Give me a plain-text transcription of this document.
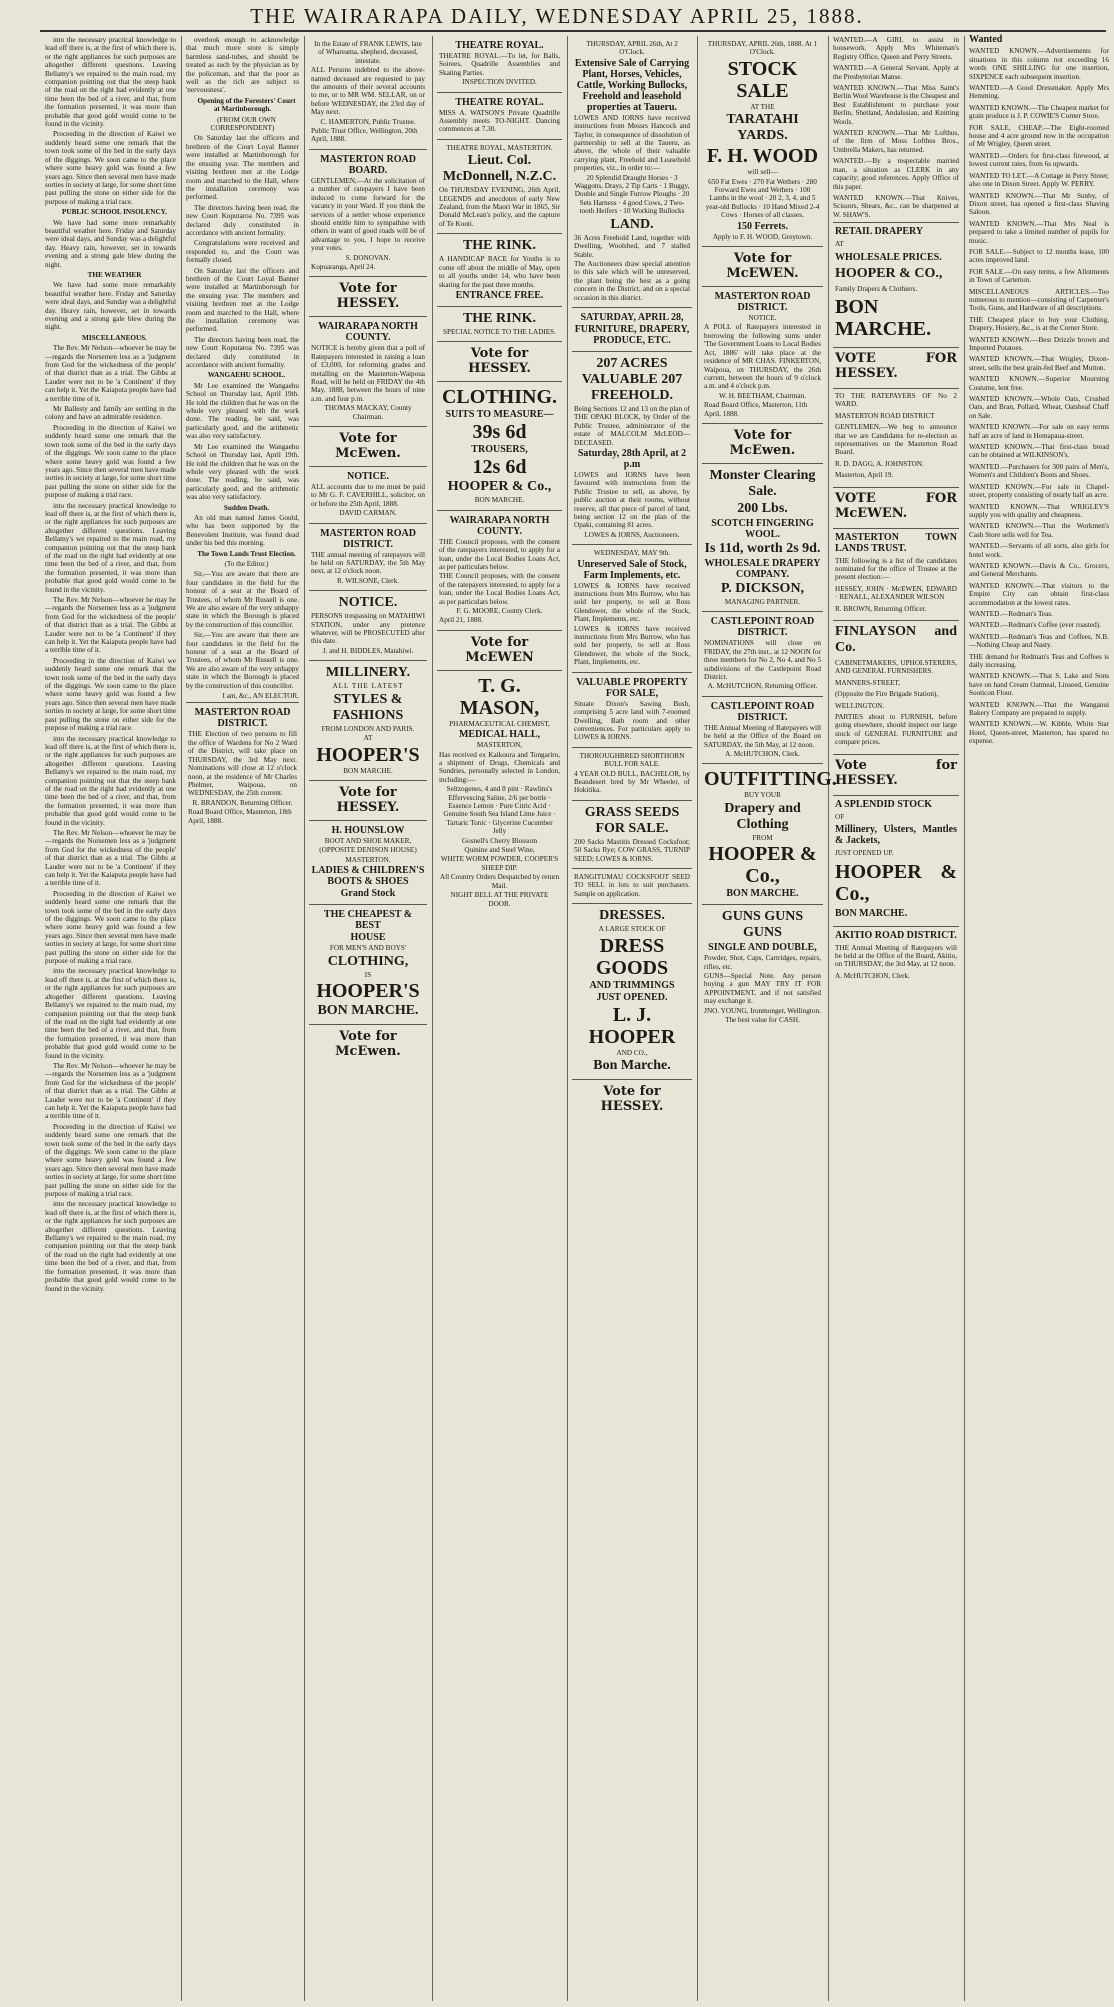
THE WAIRARAPA DAILY, WEDNESDAY APRIL 25, 1888.

into the necessary practical knowledge to lead off there is, at the first of which there is, or the right appliances for such purposes are altogether different questions. Leaving Bellamy's we repaired to the main road, my companion pointing out that the steep bank of the road on the right had evidently at one time been the bed of a river, and that, from the formation presented, it was more than probable that good gold would come to be found in the vicinity.

Proceeding in the direction of Kaiwi we suddenly heard some one remark that the town took some of the bed in the early days of the diggings. We soon came to the place where some heavy gold was found a few years ago. Since then several men have made sorties in society at large, for some short time past pulling the stone on either side for the purpose of making a trial race.

PUBLIC SCHOOL INSOLENCY.

We have had some more remarkably beautiful weather here. Friday and Saturday were ideal days, and Sunday was a delightful day. Heavy rain, however, set in towards evening and a strong gale blew during the night.

THE WEATHER

We have had some more remarkably beautiful weather here. Friday and Saturday were ideal days, and Sunday was a delightful day. Heavy rain, however, set in towards evening and a strong gale blew during the night.

MISCELLANEOUS.

The Rev. Mr Nelson—whoever he may be—regards the Norsemen less as a 'judgment from God for the wickedness of the people' of that district than as a trial. The Gibbs at Lauder were not to be 'a Continent' if they can help it. Yet the Kaiaputa people have had a terrible time of it.

Mr Ballesty and family are settling in the colony and have an admirable residence.

Proceeding in the direction of Kaiwi we suddenly heard some one remark that the town took some of the bed in the early days of the diggings. We soon came to the place where some heavy gold was found a few years ago. Since then several men have made sorties in society at large, for some short time past pulling the stone on either side for the purpose of making a trial race.

into the necessary practical knowledge to lead off there is, at the first of which there is, or the right appliances for such purposes are altogether different questions. Leaving Bellamy's we repaired to the main road, my companion pointing out that the steep bank of the road on the right had evidently at one time been the bed of a river, and that, from the formation presented, it was more than probable that good gold would come to be found in the vicinity.

The Rev. Mr Nelson—whoever he may be—regards the Norsemen less as a 'judgment from God for the wickedness of the people' of that district than as a trial. The Gibbs at Lauder were not to be 'a Continent' if they can help it. Yet the Kaiaputa people have had a terrible time of it.

Proceeding in the direction of Kaiwi we suddenly heard some one remark that the town took some of the bed in the early days of the diggings. We soon came to the place where some heavy gold was found a few years ago. Since then several men have made sorties in society at large, for some short time past pulling the stone on either side for the purpose of making a trial race.

into the necessary practical knowledge to lead off there is, at the first of which there is, or the right appliances for such purposes are altogether different questions. Leaving Bellamy's we repaired to the main road, my companion pointing out that the steep bank of the road on the right had evidently at one time been the bed of a river, and that, from the formation presented, it was more than probable that good gold would come to be found in the vicinity.

The Rev. Mr Nelson—whoever he may be—regards the Norsemen less as a 'judgment from God for the wickedness of the people' of that district than as a trial. The Gibbs at Lauder were not to be 'a Continent' if they can help it. Yet the Kaiaputa people have had a terrible time of it.

Proceeding in the direction of Kaiwi we suddenly heard some one remark that the town took some of the bed in the early days of the diggings. We soon came to the place where some heavy gold was found a few years ago. Since then several men have made sorties in society at large, for some short time past pulling the stone on either side for the purpose of making a trial race.

into the necessary practical knowledge to lead off there is, at the first of which there is, or the right appliances for such purposes are altogether different questions. Leaving Bellamy's we repaired to the main road, my companion pointing out that the steep bank of the road on the right had evidently at one time been the bed of a river, and that, from the formation presented, it was more than probable that good gold would come to be found in the vicinity.

The Rev. Mr Nelson—whoever he may be—regards the Norsemen less as a 'judgment from God for the wickedness of the people' of that district than as a trial. The Gibbs at Lauder were not to be 'a Continent' if they can help it. Yet the Kaiaputa people have had a terrible time of it.

Proceeding in the direction of Kaiwi we suddenly heard some one remark that the town took some of the bed in the early days of the diggings. We soon came to the place where some heavy gold was found a few years ago. Since then several men have made sorties in society at large, for some short time past pulling the stone on either side for the purpose of making a trial race.

into the necessary practical knowledge to lead off there is, at the first of which there is, or the right appliances for such purposes are altogether different questions. Leaving Bellamy's we repaired to the main road, my companion pointing out that the steep bank of the road on the right had evidently at one time been the bed of a river, and that, from the formation presented, it was more than probable that good gold would come to be found in the vicinity.

overlook enough to acknowledge that much more store is simply harmless sand-tubes, and should be treated as such by the physician as by the policeman, and that the poor as well as the rich are subject to 'nervousness'.

Opening of the Foresters' Court at Martinborough.

(FROM OUR OWN CORRESPONDENT)

On Saturday last the officers and brethren of the Court Loyal Banner were installed at Martinborough for the ensuing year. The members and visiting brethren met at the Lodge room and marched to the Hall, where the installation ceremony was performed.

The directors having been read, the new Court Koputaroa No. 7395 was declared duly constituted in accordance with ancient formality.

Congratulations were received and responded to, and the Court was formally closed.

On Saturday last the officers and brethren of the Court Loyal Banner were installed at Martinborough for the ensuing year. The members and visiting brethren met at the Lodge room and marched to the Hall, where the installation ceremony was performed.

The directors having been read, the new Court Koputaroa No. 7395 was declared duly constituted in accordance with ancient formality.

WANGAEHU SCHOOL.

Mr Lee examined the Wangaehu School on Thursday last, April 19th. He told the children that he was on the whole very pleased with the work done. The reading, he said, was particularly good, and the arithmetic was also very satisfactory.

Mr Lee examined the Wangaehu School on Thursday last, April 19th. He told the children that he was on the whole very pleased with the work done. The reading, he said, was particularly good, and the arithmetic was also very satisfactory.

Sudden Death.

An old man named James Gould, who has been supported by the Benevolent Institute, was found dead under his bed this morning.

The Town Lands Trust Election.

(To the Editor.)

Sir,—You are aware that there are four candidates in the field for the honour of a seat at the Board of Trustees, of whom Mr Russell is one. We are also aware of the very unhappy state in which the Borough is placed by the construction of this councillor.

Sir,—You are aware that there are four candidates in the field for the honour of a seat at the Board of Trustees, of whom Mr Russell is one. We are also aware of the very unhappy state in which the Borough is placed by the construction of this councillor.

I am, &c., AN ELECTOR.

MASTERTON ROAD DISTRICT.

THE Election of two persons to fill the office of Wardens for No 2 Ward of the District, will take place on THURSDAY, the 3rd May next. Nominations will close at 12 o'clock noon, at the residence of Mr Charles Phelmer, Waipoua, on WEDNESDAY, the 25th current.

R. BRANDON, Returning Officer.

Road Board Office, Masterton, 18th April, 1888.

In the Estate of FRANK LEWIS, late of Whareama, shepherd, deceased, intestate.

ALL Persons indebted to the above-named deceased are requested to pay the amounts of their several accounts to me, or to MR WM. SELLAR, on or before WEDNESDAY, the 23rd day of May next.

C. HAMERTON, Public Trustee.

Public Trust Office, Wellington, 20th April, 1888.

MASTERTON ROAD BOARD.

GENTLEMEN,—At the solicitation of a number of ratepayers I have been induced to come forward for the vacancy in your Ward. If you think the services of a settler whose experience should entitle him to sympathise with others in want of good roads will be of advantage to you, I hope to receive your votes.

S. DONOVAN.

Kopuaranga, April 24.

Vote for HESSEY.

WAIRARAPA NORTH COUNTY.

NOTICE is hereby given that a poll of Ratepayers interested in raising a loan of £3,000, for reforming grades and metalling on the Masterton-Waipoua Road, will be held on FRIDAY the 4th May, 1888, between the hours of nine a.m. and four p.m.

THOMAS MACKAY, County Chairman.

Vote for McEwen.

NOTICE.

ALL accounts due to me must be paid to Mr G. F. CAVERHILL, solicitor, on or before the 25th April, 1888.

DAVID CARMAN.

MASTERTON ROAD DISTRICT.

THE annual meeting of ratepayers will be held on SATURDAY, the 5th May next, at 12 o'clock noon.

R. WILSONE, Clerk.

NOTICE.

PERSONS trespassing on MATAHIWI STATION, under any pretence whatever, will be PROSECUTED after this date.

J. and H. BIDDLES, Matahiwi.

MILLINERY.

ALL THE LATEST

STYLES & FASHIONS

FROM LONDON AND PARIS.

AT

HOOPER'S

BON MARCHE.

Vote for HESSEY.

H. HOUNSLOW

BOOT AND SHOE MAKER,

(OPPOSITE DENISON HOUSE)

MASTERTON.

LADIES & CHILDREN'S BOOTS & SHOES

Grand Stock

THE CHEAPEST & BEST

HOUSE

FOR MEN'S AND BOYS'

CLOTHING,

IS

HOOPER'S

BON MARCHE.

Vote for McEwen.

THEATRE ROYAL.

THEATRE ROYAL.—To let, for Balls, Soirees, Quadrille Assemblies and Skating Parties.

INSPECTION INVITED.

THEATRE ROYAL.

MISS A. WATSON'S Private Quadrille Assembly meets TO-NIGHT. Dancing commences at 7.30.

THEATRE ROYAL, MASTERTON.

Lieut. Col. McDonnell, N.Z.C.

On THURSDAY EVENING, 26th April, LEGENDS and anecdotes of early New Zealand, from the Maori War in 1865, Sir Donald McLean's policy, and the capture of Te Kooti.

THE RINK.

A HANDICAP RACE for Youths is to come off about the middle of May, open to all youths under 14, who have been skating for the past three months.

ENTRANCE FREE.

THE RINK.

SPECIAL NOTICE TO THE LADIES.

Vote for HESSEY.

CLOTHING.

SUITS TO MEASURE—

39s 6d

TROUSERS,

12s 6d

HOOPER & Co.,

BON MARCHE.

WAIRARAPA NORTH COUNTY.

THE Council proposes, with the consent of the ratepayers interested, to apply for a loan, under the Local Bodies Loans Act, as per particulars below.

THE Council proposes, with the consent of the ratepayers interested, to apply for a loan, under the Local Bodies Loans Act, as per particulars below.

F. G. MOORE, County Clerk.

April 21, 1888.

Vote for McEWEN

T. G. MASON,

PHARMACEUTICAL CHEMIST,

MEDICAL HALL,

MASTERTON,

Has received ex Kaikoura and Tongariro, a shipment of Drugs, Chemicals and Sundries, personally selected in London, including:—

Seltzogenes, 4 and 8 pint · Rawlins's Effervescing Saline, 2/6 per bottle · Essence Lemon · Pure Citric Acid · Genuine South Sea Island Lime Juice · Tartaric Tonic · Glycerine Cucumber Jelly

Gosnell's Cherry Blossom

Quinine and Steel Wine,

WHITE WORM POWDER, COOPER'S SHEEP DIP.

All Country Orders Despatched by return Mail.

NIGHT BELL AT THE PRIVATE DOOR.

THURSDAY, APRIL 26th, At 2 O'Clock.

Extensive Sale of Carrying Plant, Horses, Vehicles, Cattle, Working Bullocks, Freehold and leasehold properties at Taueru.

LOWES AND IORNS have received instructions from Messrs Hancock and Taylor, in consequence of dissolution of partnership to sell at the Taueru, as above, the whole of their valuable carrying plant, Freehold and Leasehold properties, viz., in order to:—

20 Splendid Draught Horses · 3 Waggons, Drays, 2 Tip Carts · 1 Buggy, Double and Single Furrow Ploughs · 20 Sets Harness · 4 good Cows, 2 Two-tooth Heifers · 10 Working Bullocks

LAND.

36 Acres Freehold Land, together with Dwelling, Woolshed, and 7 stalled Stable.

The Auctioneers draw special attention to this sale which will be unreserved, the plant being the best as a going concern in the District, and on a special occasion in this district.

SATURDAY, APRIL 28,

FURNITURE, DRAPERY, PRODUCE, ETC.

207 ACRES VALUABLE 207 FREEHOLD.

Being Sections 12 and 13 on the plan of THE OPAKI BLOCK, by Order of the Public Trustee, administrator of the estate of MALCOLM McLEOD—DECEASED.

Saturday, 28th April, at 2 p.m

LOWES and IORNS have been favoured with instructions from the Public Trustee to sell, as above, by public auction at their rooms, without reserve, all that piece of parcel of land, being section 12 on the plan of the Opaki, containing 81 acres.

LOWES & IORNS, Auctioneers.

WEDNESDAY, MAY 9th.

Unreserved Sale of Stock, Farm Implements, etc.

LOWES & IORNS have received instructions from Mrs Burrow, who has sold her property, to sell at Ross Glendower, the whole of the Stock, Plant, Implements, etc.

LOWES & IORNS have received instructions from Mrs Burrow, who has sold her property, to sell at Ross Glendower, the whole of the Stock, Plant, Implements, etc.

VALUABLE PROPERTY FOR SALE,

Situate Dixon's Sawing Bush, comprising 5 acre land with 7-roomed Dwelling, Bath room and other conveniences. For particulars apply to LOWES & IORNS.

THOROUGHBRED SHORTHORN BULL FOR SALE.

4 YEAR OLD BULL, BACHELOR, by Beaudesert bred by Mr Wheeler, of Hokitika.

GRASS SEEDS FOR SALE.

200 Sacks Mastitis Dressed Cocksfoot; 50 Sacks Rye; COW GRASS, TURNIP SEED; LOWES & IORNS.

RANGITUMAU COCKSFOOT SEED TO SELL in lots to suit purchasers. Sample on application.

DRESSES.

A LARGE STOCK OF

DRESS GOODS

AND TRIMMINGS

JUST OPENED.

L. J. HOOPER

AND CO.,

Bon Marche.

Vote for HESSEY.

THURSDAY, APRIL 26th, 1888. At 1 O'Clock.

STOCK SALE

AT THE

TARATAHI YARDS.

F. H. WOOD

will sell—

650 Fat Ewes · 270 Fat Wethers · 280 Forward Ewes and Wethers · 100 Lambs in the wool · 20 2, 3, 4, and 5 year-old Bullocks · 10 Hand Mixed 2-4 Cows · Horses of all classes.

150 Ferrets.

Apply to F. H. WOOD, Greytown.

Vote for McEWEN.

MASTERTON ROAD DISTRICT.

NOTICE.

A POLL of Ratepayers interested in borrowing the following sums under 'The Government Loans to Local Bodies Act, 1886' will take place at the residence of MR CHAS. FINKERTON, Waipoua, on THURSDAY, the 26th current, between the hours of 9 o'clock a.m. and 4 o'clock p.m.

W. H. BEETHAM, Chairman.

Road Board Office, Masterton, 11th April, 1888.

Vote for McEwen.

Monster Clearing Sale.

200 Lbs.

SCOTCH FINGERING WOOL.

Is 11d, worth 2s 9d.

WHOLESALE DRAPERY COMPANY.

P. DICKSON,

MANAGING PARTNER.

CASTLEPOINT ROAD DISTRICT.

NOMINATIONS will close on FRIDAY, the 27th inst., at 12 NOON for three members for No 2, No 4, and No 5 subdivisions of the Castlepoint Road District.

A. McHUTCHON, Returning Officer.

CASTLEPOINT ROAD DISTRICT.

THE Annual Meeting of Ratepayers will be held at the Office of the Board on SATURDAY, the 5th May, at 12 noon.

A. McHUTCHON, Clerk.

OUTFITTING.

BUY YOUR

Drapery and Clothing

FROM

HOOPER & Co.,

BON MARCHE.

GUNS GUNS GUNS

SINGLE AND DOUBLE,

Powder, Shot, Caps, Cartridges, repairs, rifles, etc.

GUNS—Special Note. Any person buying a gun MAY TRY IT FOR APPOINTMENT, and if not satisfied may exchange it.

JNO. YOUNG, Ironmonger, Wellington.

The best value for CASH.

WANTED.—A GIRL to assist in housework. Apply Mrs Whiteman's Registry Office, Queen and Perry Streets.

WANTED.—A General Servant. Apply at the Presbyterian Manse.

WANTED KNOWN.—That Miss Saint's Berlin Wool Warehouse is the Cheapest and Best Establishment to purchase your Berlin, Shetland, Andalusian, and Knitting Wools.

WANTED KNOWN.—That Mr Lofthus, of the firm of Moss Lofthus Bros., Umbrella Makers, has returned.

WANTED.—By a respectable married man, a situation as CLERK in any capacity; good references. Apply Office of this paper.

WANTED KNOWN.—That Knives, Scissors, Shears, &c., can be sharpened at W. SHAW'S.

RETAIL DRAPERY

AT

WHOLESALE PRICES.

HOOPER & CO.,

Family Drapers & Clothiers.

BON MARCHE.

VOTE FOR HESSEY.

TO THE RATEPAYERS OF No 2 WARD.

MASTERTON ROAD DISTRICT

GENTLEMEN,—We beg to announce that we are Candidates for re-election as representatives on the Masterton Road Board.

R. D. DAGG, A. JOHNSTON.

Masterton, April 19.

VOTE FOR McEWEN.

MASTERTON TOWN LANDS TRUST.

THE following is a list of the candidates nominated for the office of Trustee at the present election:—

HESSEY, JOHN · McEWEN, EDWARD · RENALL, ALEXANDER WILSON

R. BROWN, Returning Officer.

FINLAYSON and Co.

CABINETMAKERS, UPHOLSTERERS, AND GENERAL FURNISHERS.

MANNERS-STREET,

(Opposite the Fire Brigade Station),

WELLINGTON.

PARTIES about to FURNISH, before going elsewhere, should inspect our large stock of GENERAL FURNITURE and compare prices.

Vote for HESSEY.

A SPLENDID STOCK

OF

Millinery, Ulsters, Mantles & Jackets,

JUST OPENED UP.

HOOPER & Co.,

BON MARCHE.

AKITIO ROAD DISTRICT.

THE Annual Meeting of Ratepayers will be held at the Office of the Board, Akitio, on THURSDAY, the 3rd May, at 12 noon.

A. McHUTCHON, Clerk.

Wanted

WANTED KNOWN.—Advertisements for situations in this column not exceeding 16 words ONE SHILLING for one insertion, SIXPENCE each subsequent insertion.

WANTED.—A Good Dressmaker. Apply Mrs Hemming.

WANTED KNOWN.—The Cheapest market for grain produce is J. P. COWIE'S Corner Store.

FOR SALE, CHEAP.—The Eight-roomed house and 4 acre ground now in the occupation of Mr Wrigley, Queen street.

WANTED.—Orders for first-class firewood, at lowest current rates, from 6s upwards.

WANTED TO LET.—A Cottage in Perry Street; also one in Dixon Street. Apply W. PERRY.

WANTED KNOWN.—That Mr Sunby, of Dixon street, has opened a first-class Shaving Saloon.

WANTED KNOWN.—That Mrs Neal is prepared to take a limited number of pupils for music.

FOR SALE.—Subject to 12 months lease, 100 acres improved land.

FOR SALE.—On easy terms, a few Allotments in Town of Carterton.

MISCELLANEOUS ARTICLES.—Too numerous to mention—consisting of Carpenter's Tools, Guns, and Hardware of all descriptions.

THE Cheapest place to buy your Clothing, Drapery, Hosiery, &c., is at the Corner Store.

WANTED KNOWN.—Best Drizzle brown and Imported Potatoes.

WANTED KNOWN.—That Wrigley, Dixon-street, sells the best grain-fed Beef and Mutton.

WANTED KNOWN.—Superior Mourning Costume, lent free.

WANTED KNOWN.—Whole Oats, Crushed Oats, and Bran, Pollard, Wheat, Oatsheaf Chaff on Sale.

WANTED KNOWN.—For sale on easy terms half an acre of land in Hemapaua-street.

WANTED KNOWN.—That first-class bread can be obtained at WILKINSON's.

WANTED.—Purchasers for 300 pairs of Men's, Women's and Children's Boots and Shoes.

WANTED KNOWN.—For sale in Chapel-street, property consisting of nearly half an acre.

WANTED KNOWN.—That WRIGLEY'S supply you with quality and cheapness.

WANTED KNOWN.—That the Workmen's Cash Store sells well for Tea.

WANTED.—Servants of all sorts, also girls for hotel work.

WANTED KNOWN.—Davis & Co., Grocers, and General Merchants.

WANTED KNOWN.—That visitors to the Empire City can obtain first-class accommodation at the lowest rates.

WANTED.—Redman's Teas.

WANTED.—Redman's Coffee (ever roasted).

WANTED.—Redman's Teas and Coffees, N.B.—Nothing Cheap and Nasty.

THE demand for Redman's Teas and Coffees is daily increasing.

WANTED KNOWN.—That S. Lake and Sons have on hand Cream Oatmeal, Linseed, Genuine Sooticon Flour.

WANTED KNOWN.—That the Wanganui Bakery Company are prepared to supply.

WANTED KNOWN.—W. Kibble, White Star Hotel, Queen-street, Masterton, has spared no expense.
